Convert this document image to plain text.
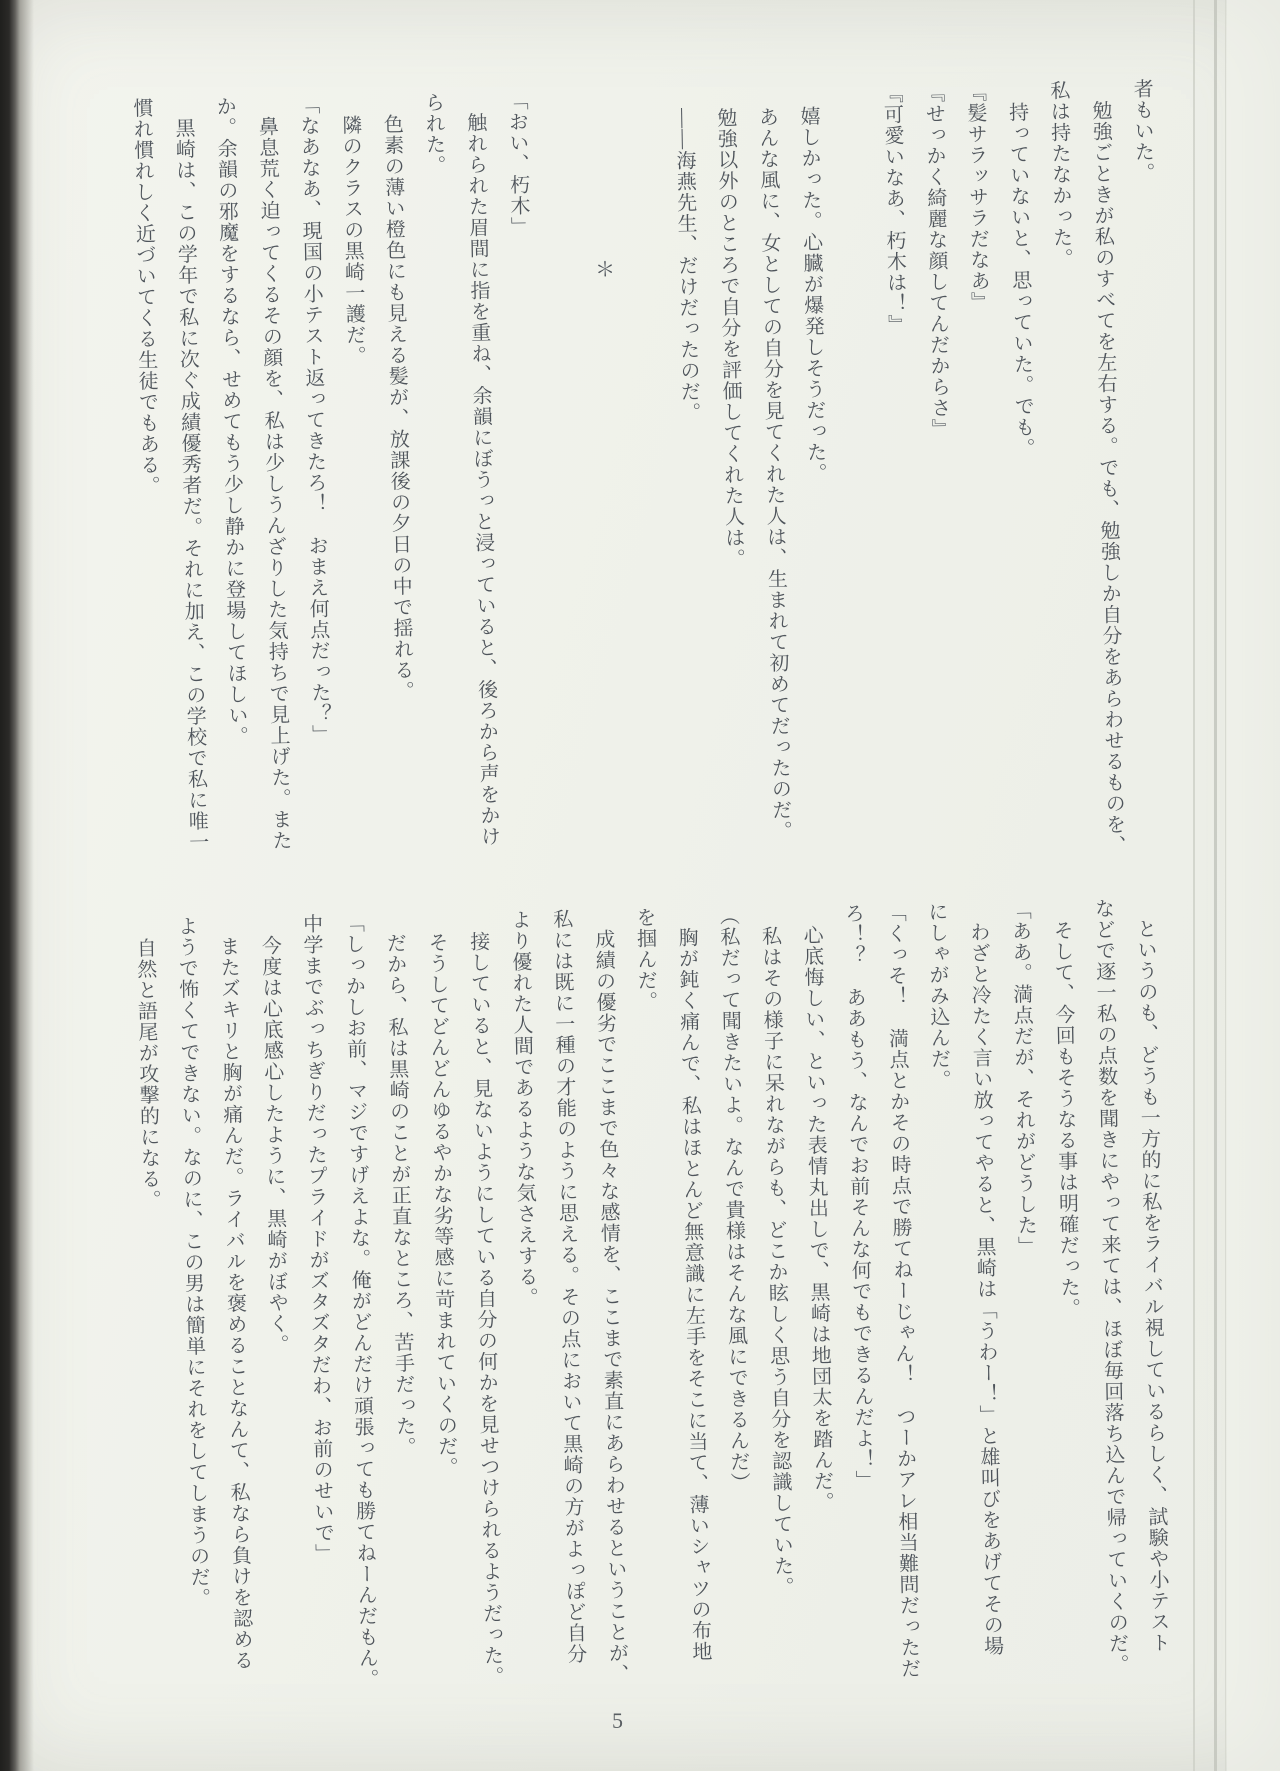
者もいた。
勉強ごときが私のすべてを左右する。でも、勉強しか自分をあらわせるものを、
私は持たなかった。
持っていないと、思っていた。でも。
『髪サラッサラだなあ』
『せっかく綺麗な顔してんだからさ』
『可愛いなあ、朽木は！』
嬉しかった。心臓が爆発しそうだった。
あんな風に、女としての自分を見てくれた人は、生まれて初めてだったのだ。
勉強以外のところで自分を評価してくれた人は。
——海燕先生、だけだったのだ。
＊
「おい、朽木」
触れられた眉間に指を重ね、余韻にぼうっと浸っていると、後ろから声をかけ
られた。
色素の薄い橙色にも見える髪が、放課後の夕日の中で揺れる。
隣のクラスの黒崎一護だ。
「なあなあ、現国の小テスト返ってきたろ！　おまえ何点だった？」
鼻息荒く迫ってくるその顔を、私は少しうんざりした気持ちで見上げた。また
か。余韻の邪魔をするなら、せめてもう少し静かに登場してほしい。
黒崎は、この学年で私に次ぐ成績優秀者だ。それに加え、この学校で私に唯一
慣れ慣れしく近づいてくる生徒でもある。
というのも、どうも一方的に私をライバル視しているらしく、試験や小テスト
などで逐一私の点数を聞きにやって来ては、ほぼ毎回落ち込んで帰っていくのだ。
そして、今回もそうなる事は明確だった。
「ああ。満点だが、それがどうした」
わざと冷たく言い放ってやると、黒崎は「うわー！」と雄叫びをあげてその場
にしゃがみ込んだ。
「くっそ！　満点とかその時点で勝てねーじゃん！　つーかアレ相当難問だっただ
ろ！？　ああもう、なんでお前そんな何でもできるんだよ！」
心底悔しい、といった表情丸出しで、黒崎は地団太を踏んだ。
私はその様子に呆れながらも、どこか眩しく思う自分を認識していた。
（私だって聞きたいよ。なんで貴様はそんな風にできるんだ）
胸が鈍く痛んで、私はほとんど無意識に左手をそこに当て、薄いシャツの布地
を掴んだ。
成績の優劣でここまで色々な感情を、ここまで素直にあらわせるということが、
私には既に一種の才能のように思える。その点において黒崎の方がよっぽど自分
より優れた人間であるような気さえする。
接していると、見ないようにしている自分の何かを見せつけられるようだった。
そうしてどんどんゆるやかな劣等感に苛まれていくのだ。
だから、私は黒崎のことが正直なところ、苦手だった。
「しっかしお前、マジですげえよな。俺がどんだけ頑張っても勝てねーんだもん。
中学までぶっちぎりだったプライドがズタズタだわ、お前のせいで」
今度は心底感心したように、黒崎がぼやく。
またズキリと胸が痛んだ。ライバルを褒めることなんて、私なら負けを認める
ようで怖くてできない。なのに、この男は簡単にそれをしてしまうのだ。
自然と語尾が攻撃的になる。
5
